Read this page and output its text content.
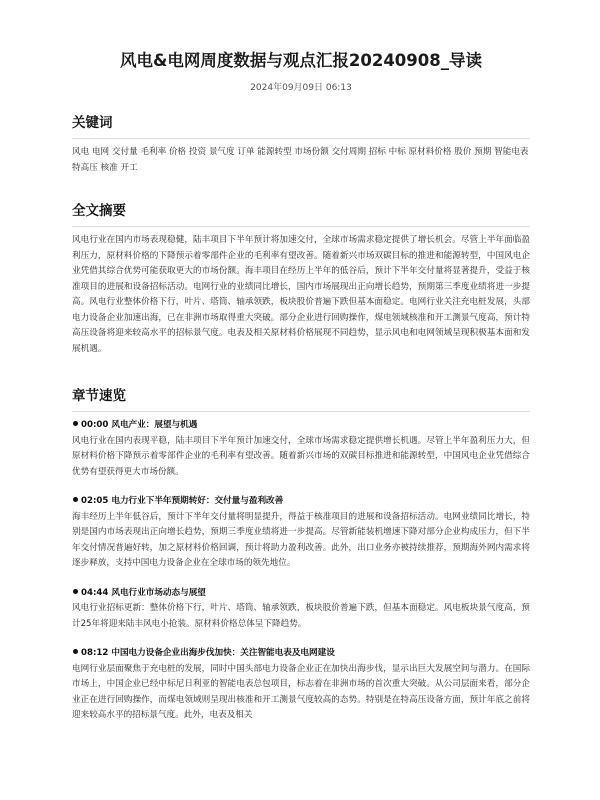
风电&电网周度数据与观点汇报20240908_导读
2024年09月09日 06:13
关键词

风电 电网 交付量 毛利率 价格 投资 景气度 订单 能源转型 市场份额 交付周期 招标 中标 原材料价格 股价 预期 智能电表 特高压 核准 开工

全文摘要

风电行业在国内市场表现稳健，陆丰项目下半年预计将加速交付，全球市场需求稳定提供了增长机会。尽管上半年面临盈利压力，原材料价格的下降预示着零部件企业的毛利率有望改善。随着新兴市场双碳目标的推进和能源转型，中国风电企业凭借其综合优势可能获取更大的市场份额。海丰项目在经历上半年的低谷后，预计下半年交付量将显著提升，受益于核准项目的进展和设备招标活动。电网行业的业绩同比增长，国内市场展现出正向增长趋势，预期第三季度业绩将进一步提高。风电行业整体价格下行，叶片、塔筒、轴承领跌，板块股价普遍下跌但基本面稳定。电网行业关注充电桩发展，头部电力设备企业加速出海，已在非洲市场取得重大突破。部分企业进行回购操作，煤电领域核准和开工测景气度高，预计特高压设备将迎来较高水平的招标景气度。电表及相关原材料价格展现不同趋势，显示风电和电网领域呈现积极基本面和发展机遇。

章节速览
00:00 风电产业：展望与机遇

风电行业在国内表现平稳，陆丰项目下半年预计加速交付，全球市场需求稳定提供增长机遇。尽管上半年盈利压力大，但原材料价格下降预示着零部件企业的毛利率有望改善。随着新兴市场的双碳目标推进和能源转型，中国风电企业凭借综合优势有望获得更大市场份额。

02:05 电力行业下半年预期转好：交付量与盈利改善

海丰经历上半年低谷后，预计下半年交付量将明显提升，得益于核准项目的进展和设备招标活动。电网业绩同比增长，特别是国内市场表现出正向增长趋势，预期三季度业绩将进一步提高。尽管新能装机增速下降对部分企业构成压力，但下半年交付情况普遍好转，加之原材料价格回调，预计将助力盈利改善。此外，出口业务亦被持续推荐，预期海外网内需求将逐步释放，支持中国电力设备企业在全球市场的领先地位。

04:44 风电行业市场动态与展望

风电行业招标更新：整体价格下行，叶片、塔筒、轴承领跌，板块股价普遍下跌，但基本面稳定。风电板块景气度高，预计25年将迎来陆丰风电小抢装。原材料价格总体呈下降趋势。

08:12 中国电力设备企业出海步伐加快：关注智能电表及电网建设

电网行业层面聚焦于充电桩的发展，同时中国头部电力设备企业正在加快出海步伐，显示出巨大发展空间与潜力。在国际市场上，中国企业已经中标尼日利亚的智能电表总包项目，标志着在非洲市场的首次重大突破。从公司层面来看，部分企业正在进行回购操作，而煤电领域则呈现出核准和开工测景气度较高的态势。特别是在特高压设备方面，预计年底之前将迎来较高水平的招标景气度。此外，电表及相关
